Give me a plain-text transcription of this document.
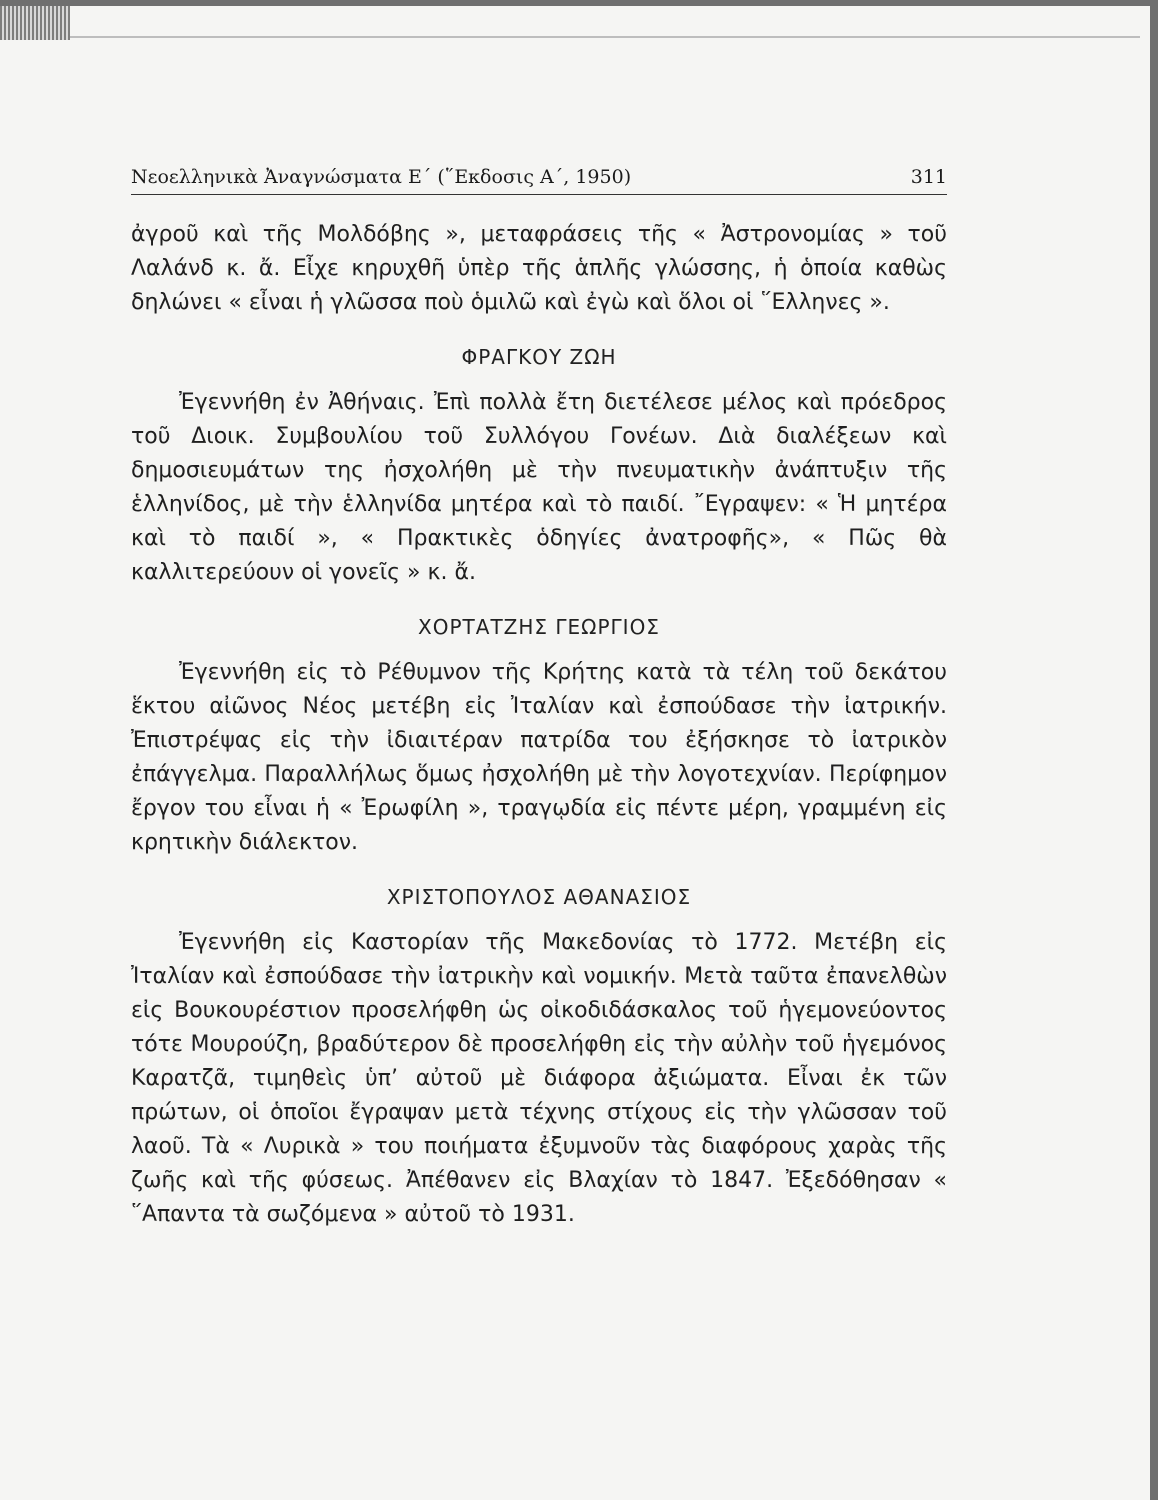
Νεοελληνικὰ Ἀναγνώσματα Ε΄ (῞Εκδοσις Α΄, 1950)	311

ἀγροῦ καὶ τῆς Μολδόβης », μεταφράσεις τῆς « Ἀστρονομίας » τοῦ Λαλάνδ κ. ἄ. Εἶχε κηρυχθῆ ὑπὲρ τῆς ἁπλῆς γλώσσης, ἡ ὁποία καθὼς δηλώνει « εἶναι ἡ γλῶσσα ποὺ ὁμιλῶ καὶ ἐγὼ καὶ ὅλοι οἱ ῞Ελληνες ».

ΦΡΑΓΚΟΥ ΖΩΗ

Ἐγεννήθη ἐν Ἀθήναις. Ἐπὶ πολλὰ ἔτη διετέλεσε μέλος καὶ πρόεδρος τοῦ Διοικ. Συμβουλίου τοῦ Συλλόγου Γονέων. Διὰ διαλέξεων καὶ δημοσιευμάτων της ἠσχολήθη μὲ τὴν πνευματικὴν ἀνάπτυξιν τῆς ἑλληνίδος, μὲ τὴν ἑλληνίδα μητέρα καὶ τὸ παιδί. ῎Εγραψεν: « Ἡ μητέρα καὶ τὸ παιδί », « Πρακτικὲς ὁδηγίες ἀνατροφῆς», « Πῶς θὰ καλλιτερεύουν οἱ γονεῖς » κ. ἄ.

ΧΟΡΤΑΤΖΗΣ ΓΕΩΡΓΙΟΣ

Ἐγεννήθη εἰς τὸ Ρέθυμνον τῆς Κρήτης κατὰ τὰ τέλη τοῦ δεκάτου ἕκτου αἰῶνος Νέος μετέβη εἰς Ἰταλίαν καὶ ἐσπούδασε τὴν ἰατρικήν. Ἐπιστρέψας εἰς τὴν ἰδιαιτέραν πατρίδα του ἐξήσκησε τὸ ἰατρικὸν ἐπάγγελμα. Παραλλήλως ὅμως ἠσχολήθη μὲ τὴν λογοτεχνίαν. Περίφημον ἔργον του εἶναι ἡ « Ἐρωφίλη », τραγῳδία εἰς πέντε μέρη, γραμμένη εἰς κρητικὴν διάλεκτον.

ΧΡΙΣΤΟΠΟΥΛΟΣ ΑΘΑΝΑΣΙΟΣ

Ἐγεννήθη εἰς Καστορίαν τῆς Μακεδονίας τὸ 1772. Μετέβη εἰς Ἰταλίαν καὶ ἐσπούδασε τὴν ἰατρικὴν καὶ νομικήν. Μετὰ ταῦτα ἐπανελθὼν εἰς Βουκουρέστιον προσελήφθη ὡς οἰκοδιδάσκαλος τοῦ ἡγεμονεύοντος τότε Μουρούζη, βραδύτερον δὲ προσελήφθη εἰς τὴν αὐλὴν τοῦ ἡγεμόνος Καρατζᾶ, τιμηθεὶς ὑπ’ αὐτοῦ μὲ διάφορα ἀξιώματα. Εἶναι ἐκ τῶν πρώτων, οἱ ὁποῖοι ἔγραψαν μετὰ τέχνης στίχους εἰς τὴν γλῶσσαν τοῦ λαοῦ. Τὰ « Λυρικὰ » του ποιήματα ἐξυμνοῦν τὰς διαφόρους χαρὰς τῆς ζωῆς καὶ τῆς φύσεως. Ἀπέθανεν εἰς Βλαχίαν τὸ 1847. Ἐξεδόθησαν « ῞Απαντα τὰ σωζόμενα » αὐτοῦ τὸ 1931.
